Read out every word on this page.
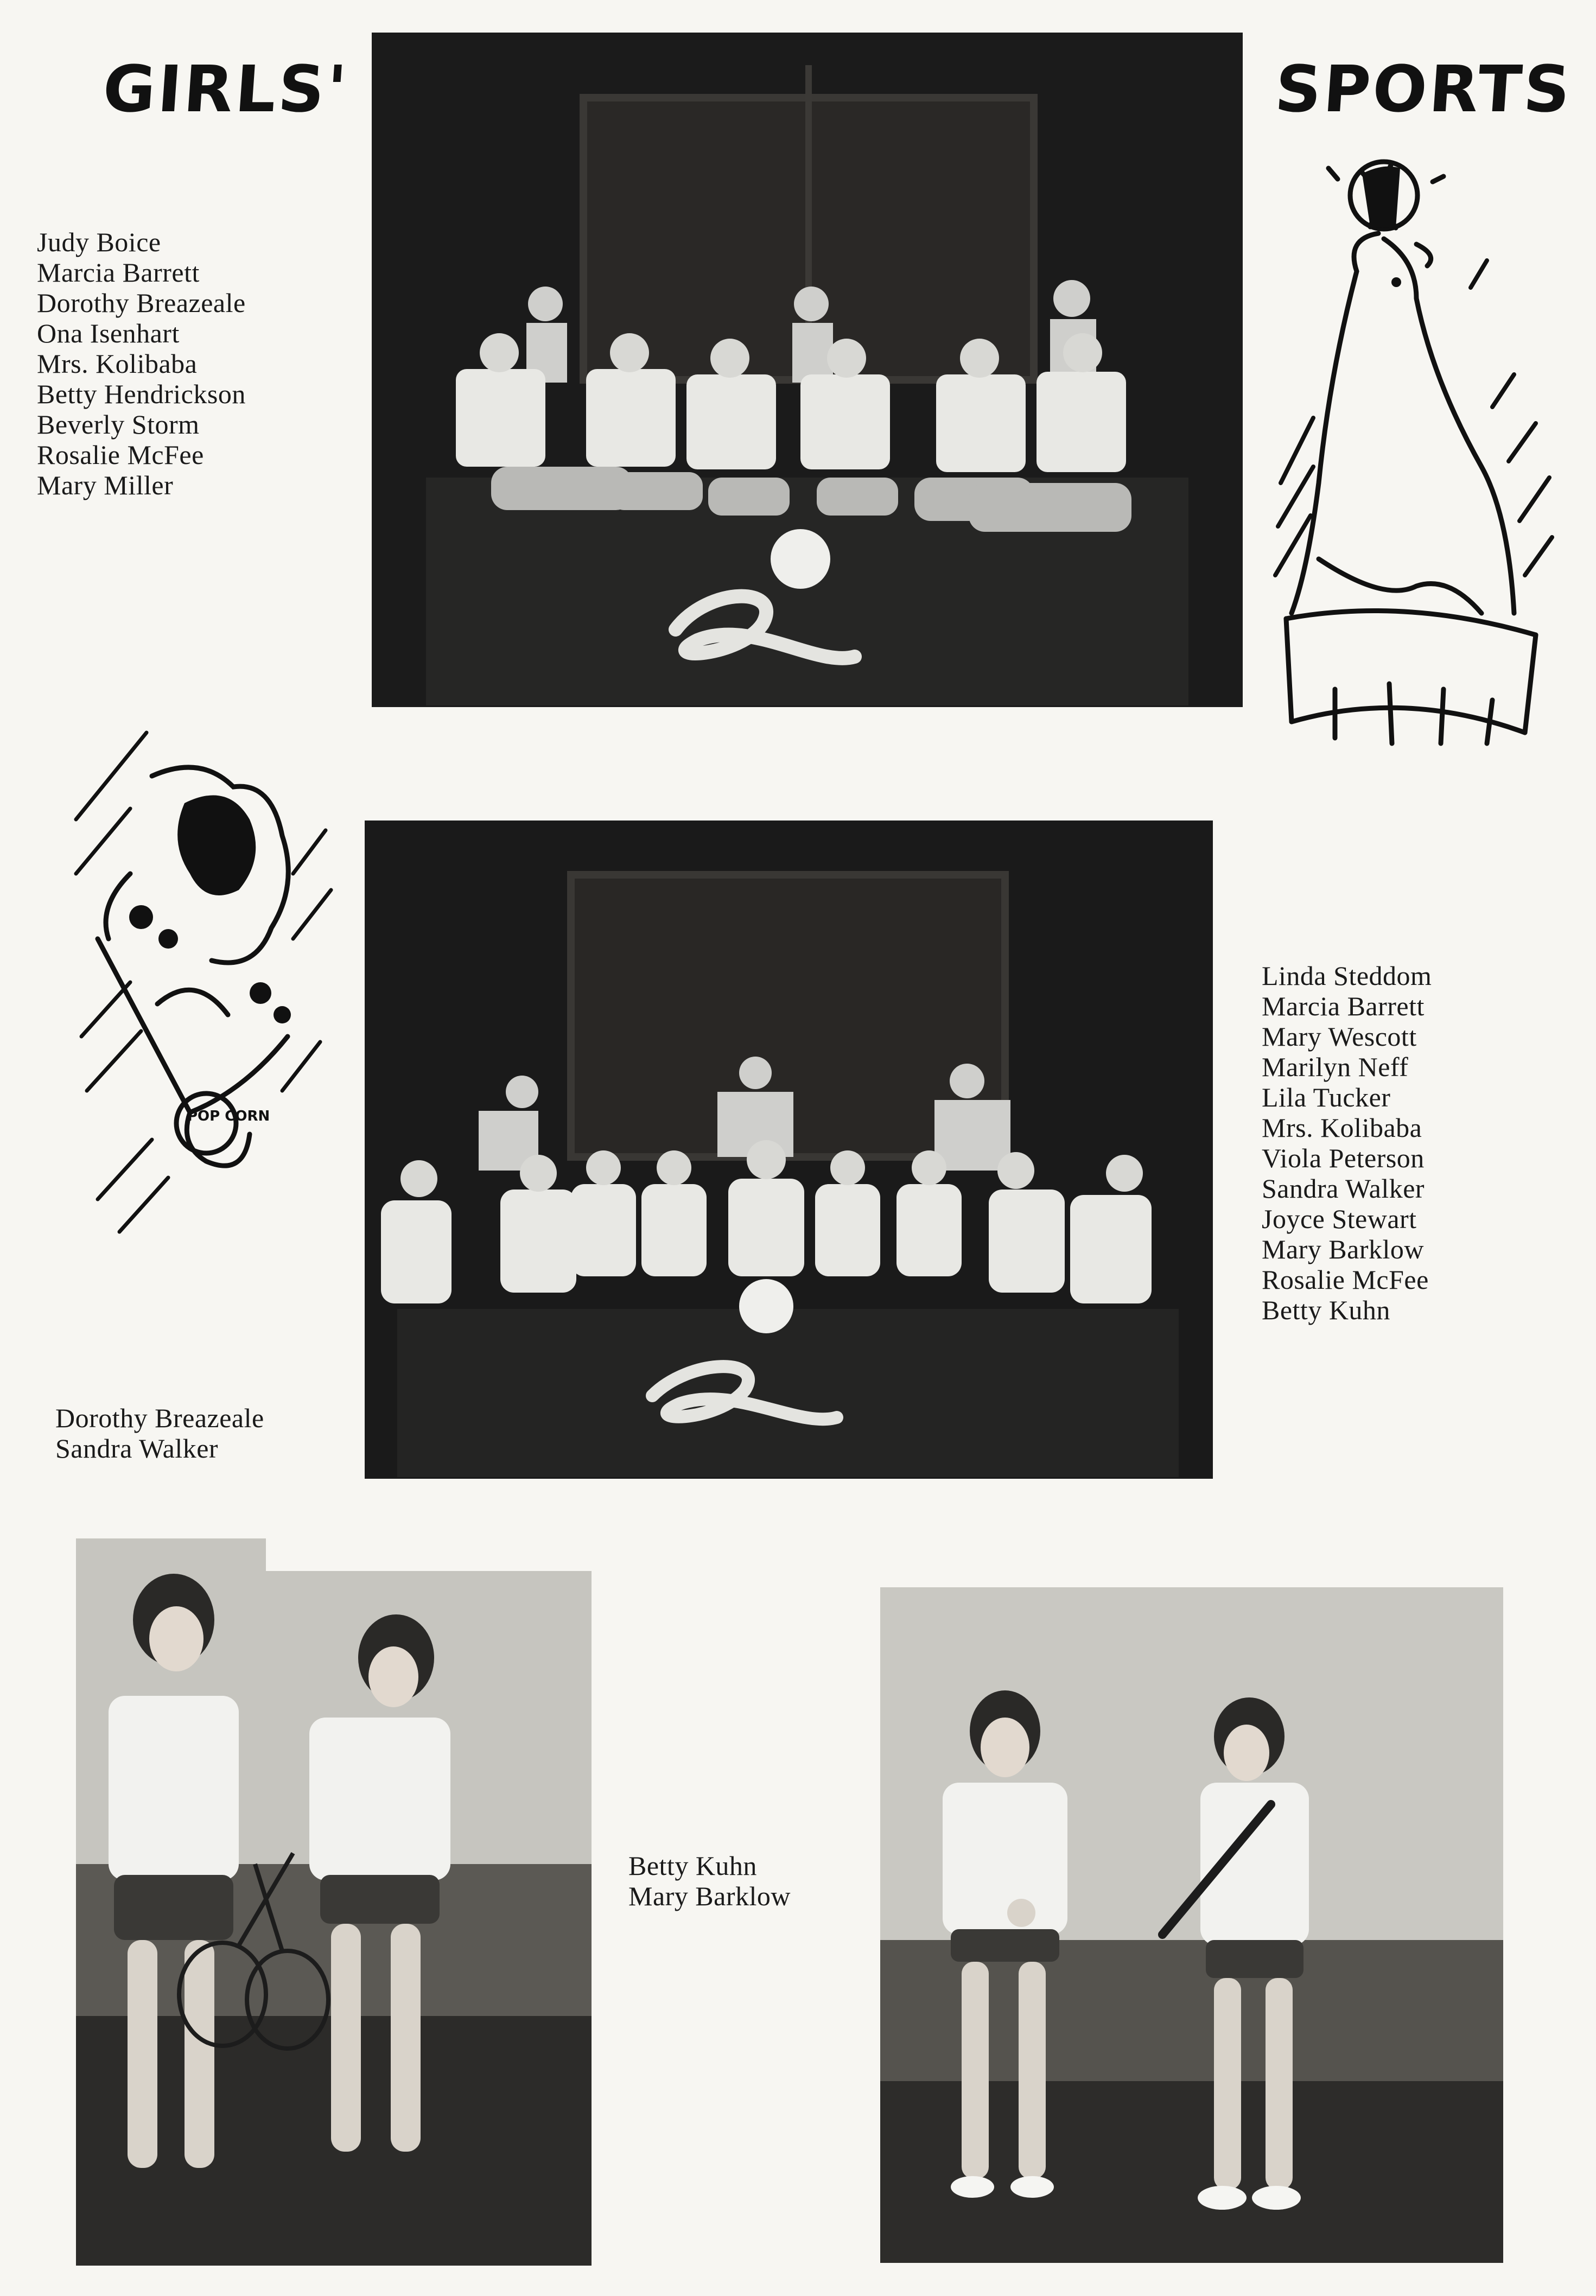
GIRLS'	SPORTS
Judy Boice
Marcia Barrett
Dorothy Breazeale
Ona Isenhart
Mrs. Kolibaba
Betty Hendrickson
Beverly Storm
Rosalie McFee
Mary Miller
POP CORN
Linda Steddom
Marcia Barrett
Mary Wescott
Marilyn Neff
Lila Tucker
Mrs. Kolibaba
Viola Peterson
Sandra Walker
Joyce Stewart
Mary Barklow
Rosalie McFee
Betty Kuhn
Dorothy Breazeale
Sandra Walker
Betty Kuhn
Mary Barklow
